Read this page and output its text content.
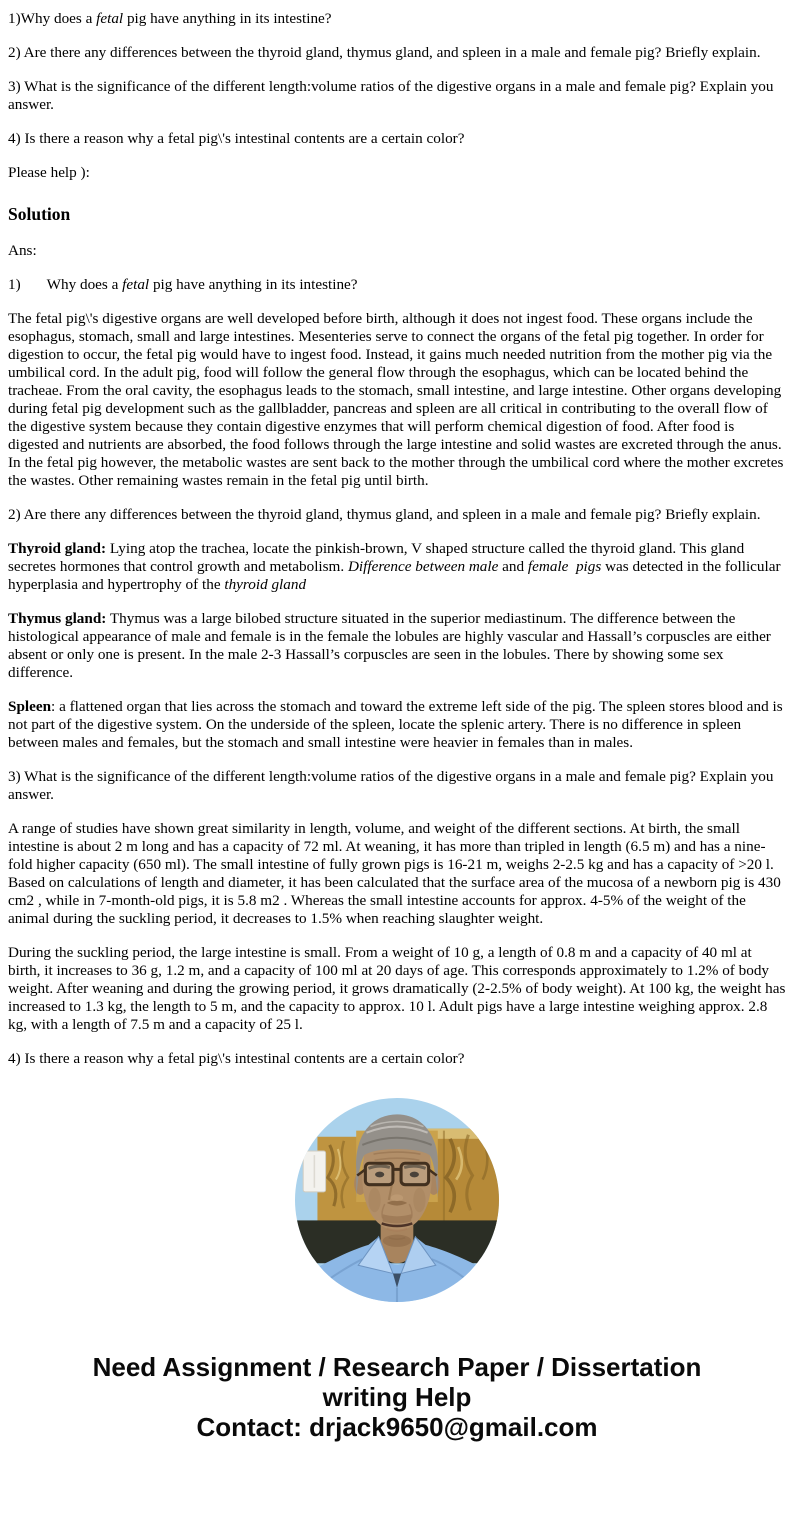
1)Why does a fetal pig have anything in its intestine?

2) Are there any differences between the thyroid gland, thymus gland, and spleen in a male and female pig? Briefly explain.

3) What is the significance of the different length:volume ratios of the digestive organs in a male and female pig? Explain you answer.

4) Is there a reason why a fetal pig\'s intestinal contents are a certain color?

Please help ):

Solution

Ans:

1) Why does a fetal pig have anything in its intestine?

The fetal pig\'s digestive organs are well developed before birth, although it does not ingest food. These organs include the esophagus, stomach, small and large intestines. Mesenteries serve to connect the organs of the fetal pig together. In order for digestion to occur, the fetal pig would have to ingest food. Instead, it gains much needed nutrition from the mother pig via the umbilical cord. In the adult pig, food will follow the general flow through the esophagus, which can be located behind the tracheae. From the oral cavity, the esophagus leads to the stomach, small intestine, and large intestine. Other organs developing during fetal pig development such as the gallbladder, pancreas and spleen are all critical in contributing to the overall flow of the digestive system because they contain digestive enzymes that will perform chemical digestion of food. After food is digested and nutrients are absorbed, the food follows through the large intestine and solid wastes are excreted through the anus. In the fetal pig however, the metabolic wastes are sent back to the mother through the umbilical cord where the mother excretes the wastes. Other remaining wastes remain in the fetal pig until birth.

2) Are there any differences between the thyroid gland, thymus gland, and spleen in a male and female pig? Briefly explain.

Thyroid gland: Lying atop the trachea, locate the pinkish-brown, V shaped structure called the thyroid gland. This gland secretes hormones that control growth and metabolism. Difference between male and female  pigs was detected in the follicular hyperplasia and hypertrophy of the thyroid gland

Thymus gland: Thymus was a large bilobed structure situated in the superior mediastinum. The difference between the histological appearance of male and female is in the female the lobules are highly vascular and Hassall’s corpuscles are either absent or only one is present. In the male 2-3 Hassall’s corpuscles are seen in the lobules. There by showing some sex difference.

Spleen: a flattened organ that lies across the stomach and toward the extreme left side of the pig. The spleen stores blood and is not part of the digestive system. On the underside of the spleen, locate the splenic artery. There is no difference in spleen between males and females, but the stomach and small intestine were heavier in females than in males.

3) What is the significance of the different length:volume ratios of the digestive organs in a male and female pig? Explain you answer.

A range of studies have shown great similarity in length, volume, and weight of the different sections. At birth, the small intestine is about 2 m long and has a capacity of 72 ml. At weaning, it has more than tripled in length (6.5 m) and has a nine-fold higher capacity (650 ml). The small intestine of fully grown pigs is 16-21 m, weighs 2-2.5 kg and has a capacity of >20 l. Based on calculations of length and diameter, it has been calculated that the surface area of the mucosa of a newborn pig is 430 cm2 , while in 7-month-old pigs, it is 5.8 m2 . Whereas the small intestine accounts for approx. 4-5% of the weight of the animal during the suckling period, it decreases to 1.5% when reaching slaughter weight.

During the suckling period, the large intestine is small. From a weight of 10 g, a length of 0.8 m and a capacity of 40 ml at birth, it increases to 36 g, 1.2 m, and a capacity of 100 ml at 20 days of age. This corresponds approximately to 1.2% of body weight. After weaning and during the growing period, it grows dramatically (2-2.5% of body weight). At 100 kg, the weight has increased to 1.3 kg, the length to 5 m, and the capacity to approx. 10 l. Adult pigs have a large intestine weighing approx. 2.8 kg, with a length of 7.5 m and a capacity of 25 l.

4) Is there a reason why a fetal pig\'s intestinal contents are a certain color?

Need Assignment / Research Paper / Dissertation
writing Help
Contact: drjack9650@gmail.com
